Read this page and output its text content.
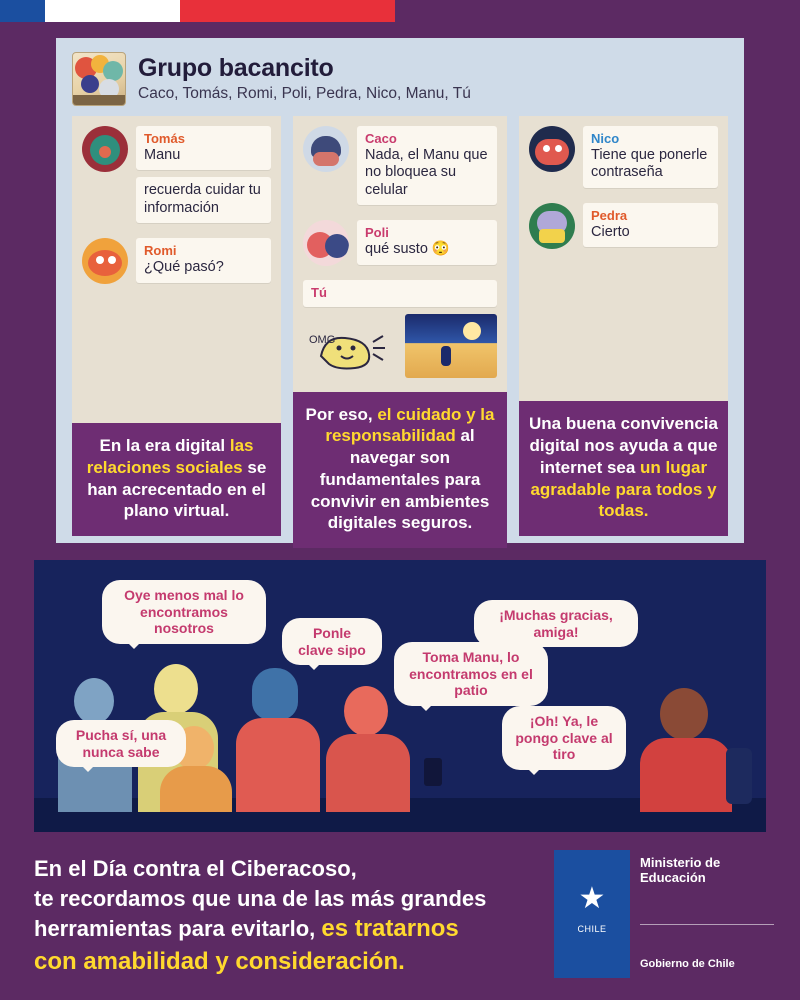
Grupo bacancito
Caco, Tomás, Romi, Poli, Pedra, Nico, Manu, Tú
Tomás
Manu
recuerda cuidar tu información
Romi
¿Qué pasó?
En la era digital las relaciones sociales se han acrecentado en el plano virtual.
Caco
Nada, el Manu que no bloquea su celular
Poli
qué susto 😳
Tú
OMG
Por eso, el cuidado y la responsabilidad al navegar son fundamentales para convivir en ambientes digitales seguros.
Nico
Tiene que ponerle contraseña
Pedra
Cierto
Una buena convivencia digital nos ayuda a que internet sea un lugar agradable para todos y todas.
Oye menos mal lo encontramos nosotros
Pucha sí, una nunca sabe
Ponle clave sipo	Toma Manu, lo encontramos en el patio
¡Muchas gracias, amiga!
¡Oh! Ya, le pongo clave al tiro
En el Día contra el Ciberacoso,
te recordamos que una de las más grandes
herramientas para evitarlo, es tratarnos
con amabilidad y consideración.
★
CHILE
Ministerio de Educación
Gobierno de Chile
